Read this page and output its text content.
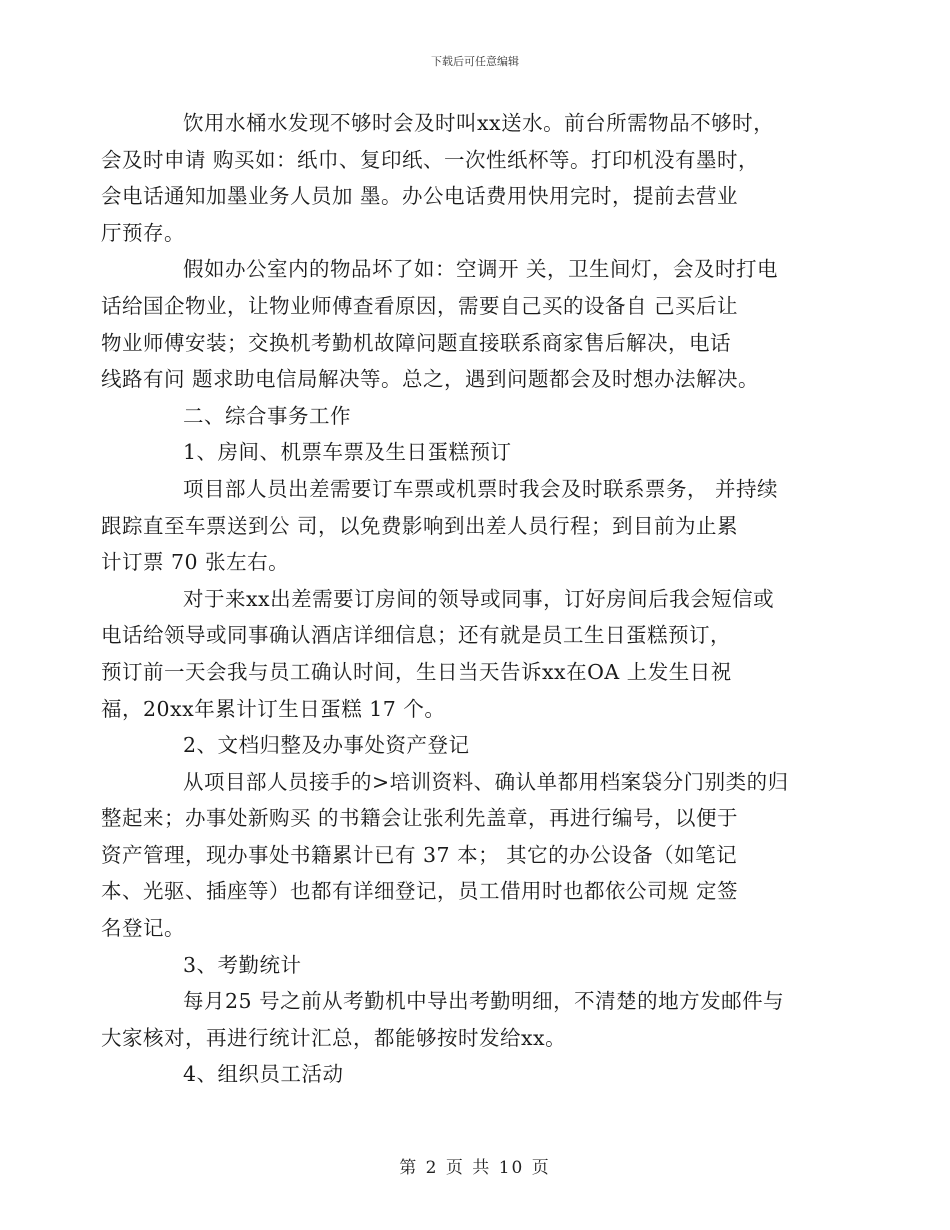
下载后可任意编辑
饮用水桶水发现不够时会及时叫xx送水。前台所需物品不够时，
会及时申请 购买如：纸巾、复印纸、一次性纸杯等。打印机没有墨时，
会电话通知加墨业务人员加 墨。办公电话费用快用完时，提前去营业
厅预存。
假如办公室内的物品坏了如：空调开 关，卫生间灯，会及时打电
话给国企物业，让物业师傅查看原因，需要自己买的设备自 己买后让
物业师傅安装；交换机考勤机故障问题直接联系商家售后解决，电话
线路有问 题求助电信局解决等。总之，遇到问题都会及时想办法解决。
二、综合事务工作
1、房间、机票车票及生日蛋糕预订
项目部人员出差需要订车票或机票时我会及时联系票务， 并持续
跟踪直至车票送到公 司，以免费影响到出差人员行程；到目前为止累
计订票 70 张左右。
对于来xx出差需要订房间的领导或同事，订好房间后我会短信或
电话给领导或同事确认酒店详细信息；还有就是员工生日蛋糕预订，
预订前一天会我与员工确认时间，生日当天告诉xx在OA 上发生日祝
福，20xx年累计订生日蛋糕 17 个。
2、文档归整及办事处资产登记
从项目部人员接手的>培训资料、确认单都用档案袋分门别类的归
整起来；办事处新购买 的书籍会让张利先盖章，再进行编号，以便于
资产管理，现办事处书籍累计已有 37 本； 其它的办公设备（如笔记
本、光驱、插座等）也都有详细登记，员工借用时也都依公司规 定签
名登记。
3、考勤统计
每月25 号之前从考勤机中导出考勤明细，不清楚的地方发邮件与
大家核对，再进行统计汇总，都能够按时发给xx。
4、组织员工活动
第 2 页 共 10 页
